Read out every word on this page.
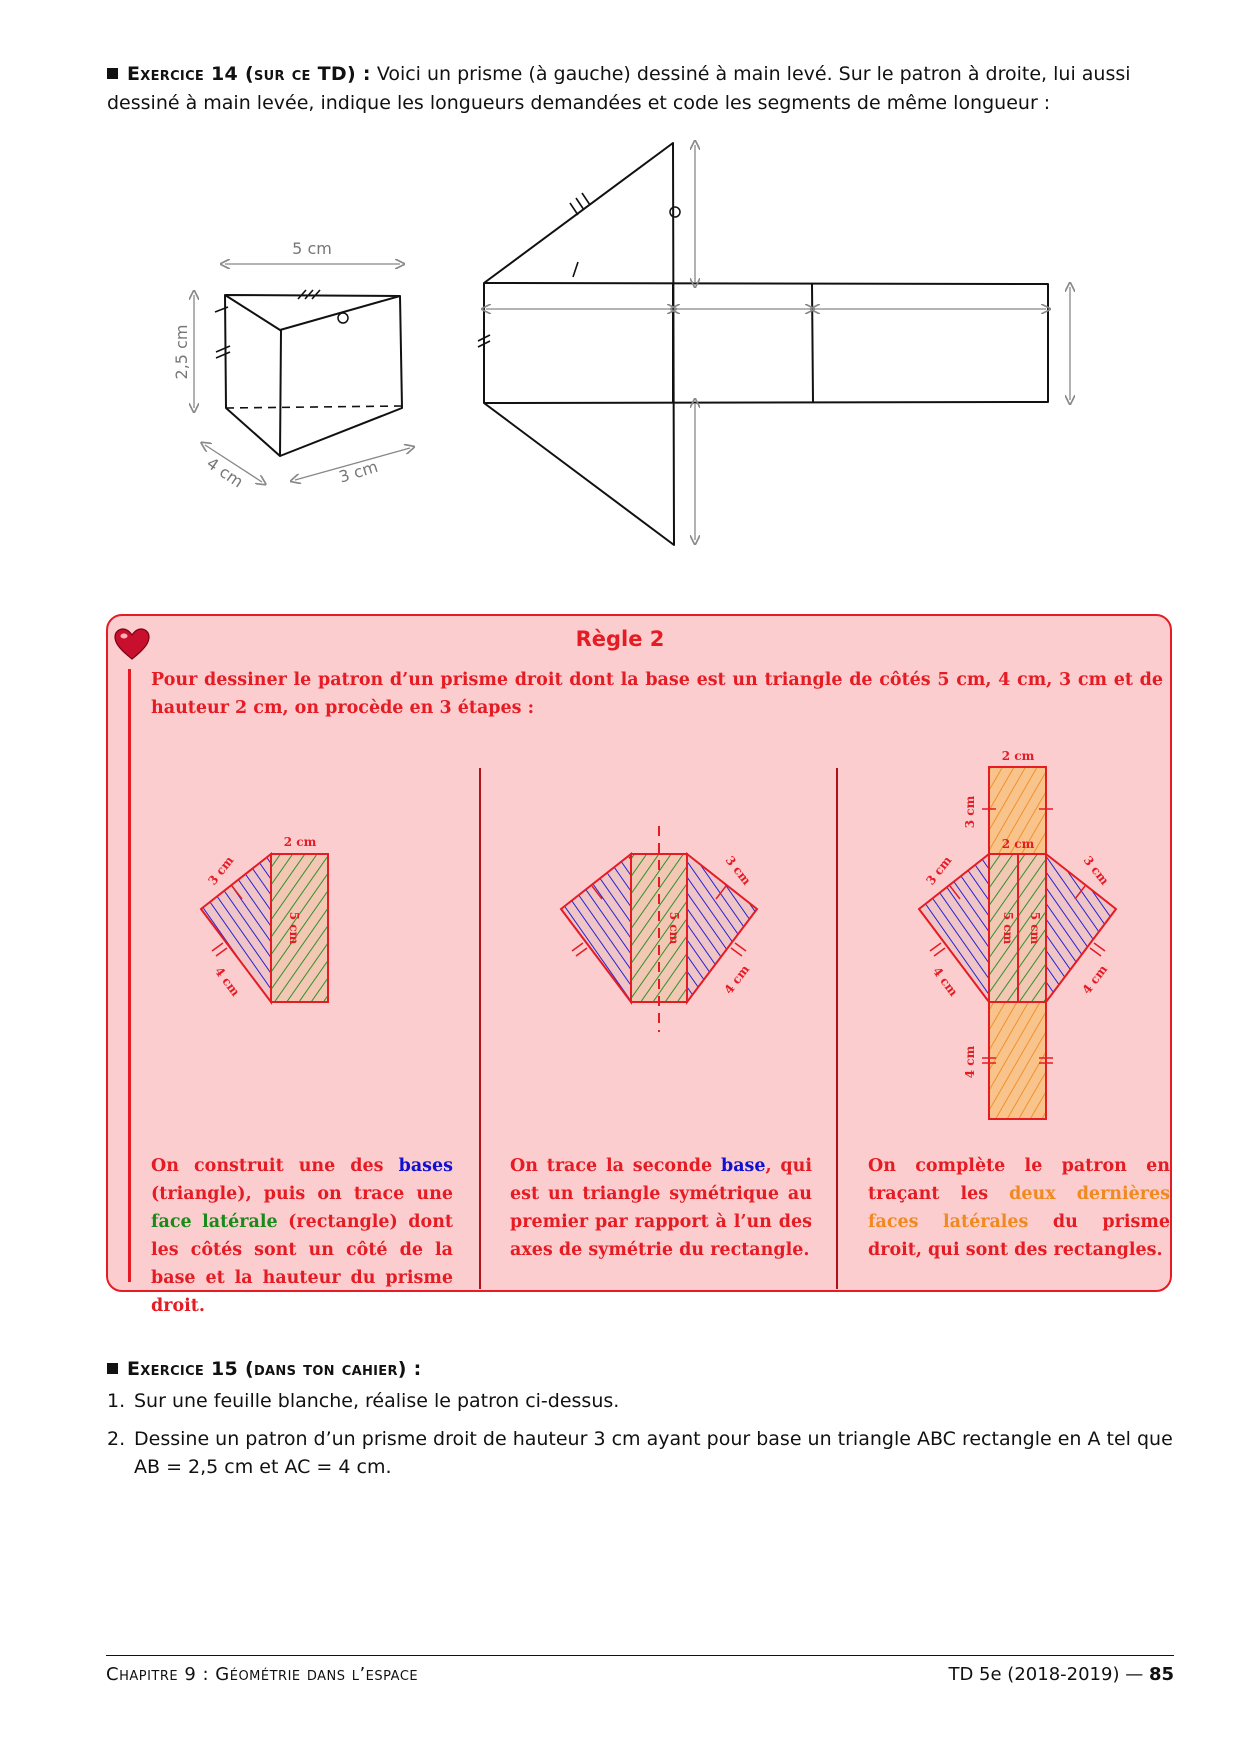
Exercice 14 (sur ce TD) : Voici un prisme (à gauche) dessiné à main levé. Sur le patron à droite, lui aussi dessiné à main levée, indique les longueurs demandées et code les segments de même longueur :
5 cm
2,5 cm
4 cm	3 cm
Règle 2
Pour dessiner le patron d’un prisme droit dont la base est un triangle de côtés 5 cm, 4 cm, 3 cm et de hauteur 2 cm, on procède en 3 étapes :
2 cm
3 cm
4 cm
5 cm
3 cm
4 cm
5 cm
2 cm
2 cm
3 cm
3 cm	3 cm
4 cm	4 cm
4 cm
5 cm 5 cm
On construit une des bases (triangle), puis on trace une face latérale (rectangle) dont les côtés sont un côté de la base et la hauteur du prisme droit.
On trace la seconde base, qui est un triangle symétrique au premier par rapport à l’un des axes de symétrie du rectangle.
On complète le patron en traçant les deux dernières faces latérales du prisme droit, qui sont des rectangles.
Exercice 15 (dans ton cahier) :
1. Sur une feuille blanche, réalise le patron ci-dessus.
2. Dessine un patron d’un prisme droit de hauteur 3 cm ayant pour base un triangle ABC rectangle en A tel que
AB = 2,5 cm et AC = 4 cm.
Chapitre 9 : Géométrie dans l’espace	TD 5e (2018-2019) — 85
